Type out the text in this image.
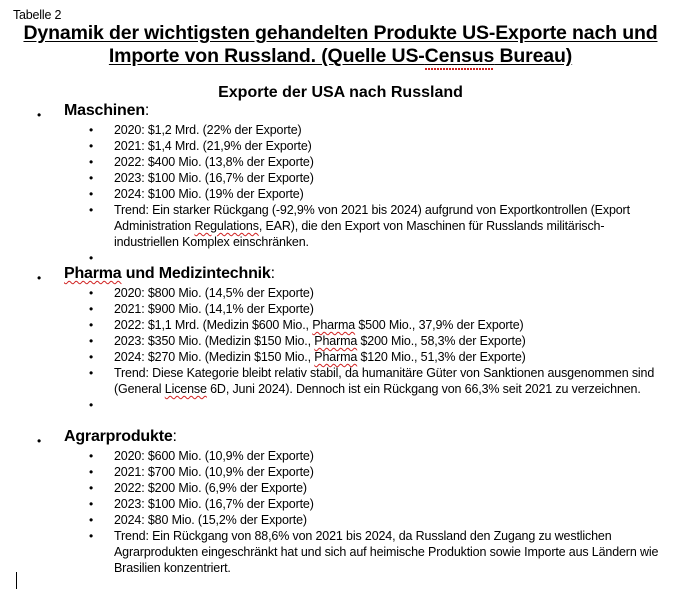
Tabelle 2
Dynamik der wichtigsten gehandelten Produkte US-Exporte nach und
Importe von Russland. (Quelle US-Census Bureau)
Exporte der USA nach Russland
• Maschinen:
• 2020: $1,2 Mrd. (22% der Exporte)
• 2021: $1,4 Mrd. (21,9% der Exporte)
• 2022: $400 Mio. (13,8% der Exporte)
• 2023: $100 Mio. (16,7% der Exporte)
• 2024: $100 Mio. (19% der Exporte)
• Trend: Ein starker Rückgang (-92,9% von 2021 bis 2024) aufgrund von Exportkontrollen (Export Administration Regulations, EAR), die den Export von Maschinen für Russlands militärisch-industriellen Komplex einschränken.
•

• Pharma und Medizintechnik:
• 2020: $800 Mio. (14,5% der Exporte)
• 2021: $900 Mio. (14,1% der Exporte)
• 2022: $1,1 Mrd. (Medizin $600 Mio., Pharma $500 Mio., 37,9% der Exporte)
• 2023: $350 Mio. (Medizin $150 Mio., Pharma $200 Mio., 58,3% der Exporte)
• 2024: $270 Mio. (Medizin $150 Mio., Pharma $120 Mio., 51,3% der Exporte)
• Trend: Diese Kategorie bleibt relativ stabil, da humanitäre Güter von Sanktionen ausgenommen sind (General License 6D, Juni 2024). Dennoch ist ein Rückgang von 66,3% seit 2021 zu verzeichnen.
•

• Agrarprodukte:
• 2020: $600 Mio. (10,9% der Exporte)
• 2021: $700 Mio. (10,9% der Exporte)
• 2022: $200 Mio. (6,9% der Exporte)
• 2023: $100 Mio. (16,7% der Exporte)
• 2024: $80 Mio. (15,2% der Exporte)
• Trend: Ein Rückgang von 88,6% von 2021 bis 2024, da Russland den Zugang zu westlichen Agrarprodukten eingeschränkt hat und sich auf heimische Produktion sowie Importe aus Ländern wie Brasilien konzentriert.
